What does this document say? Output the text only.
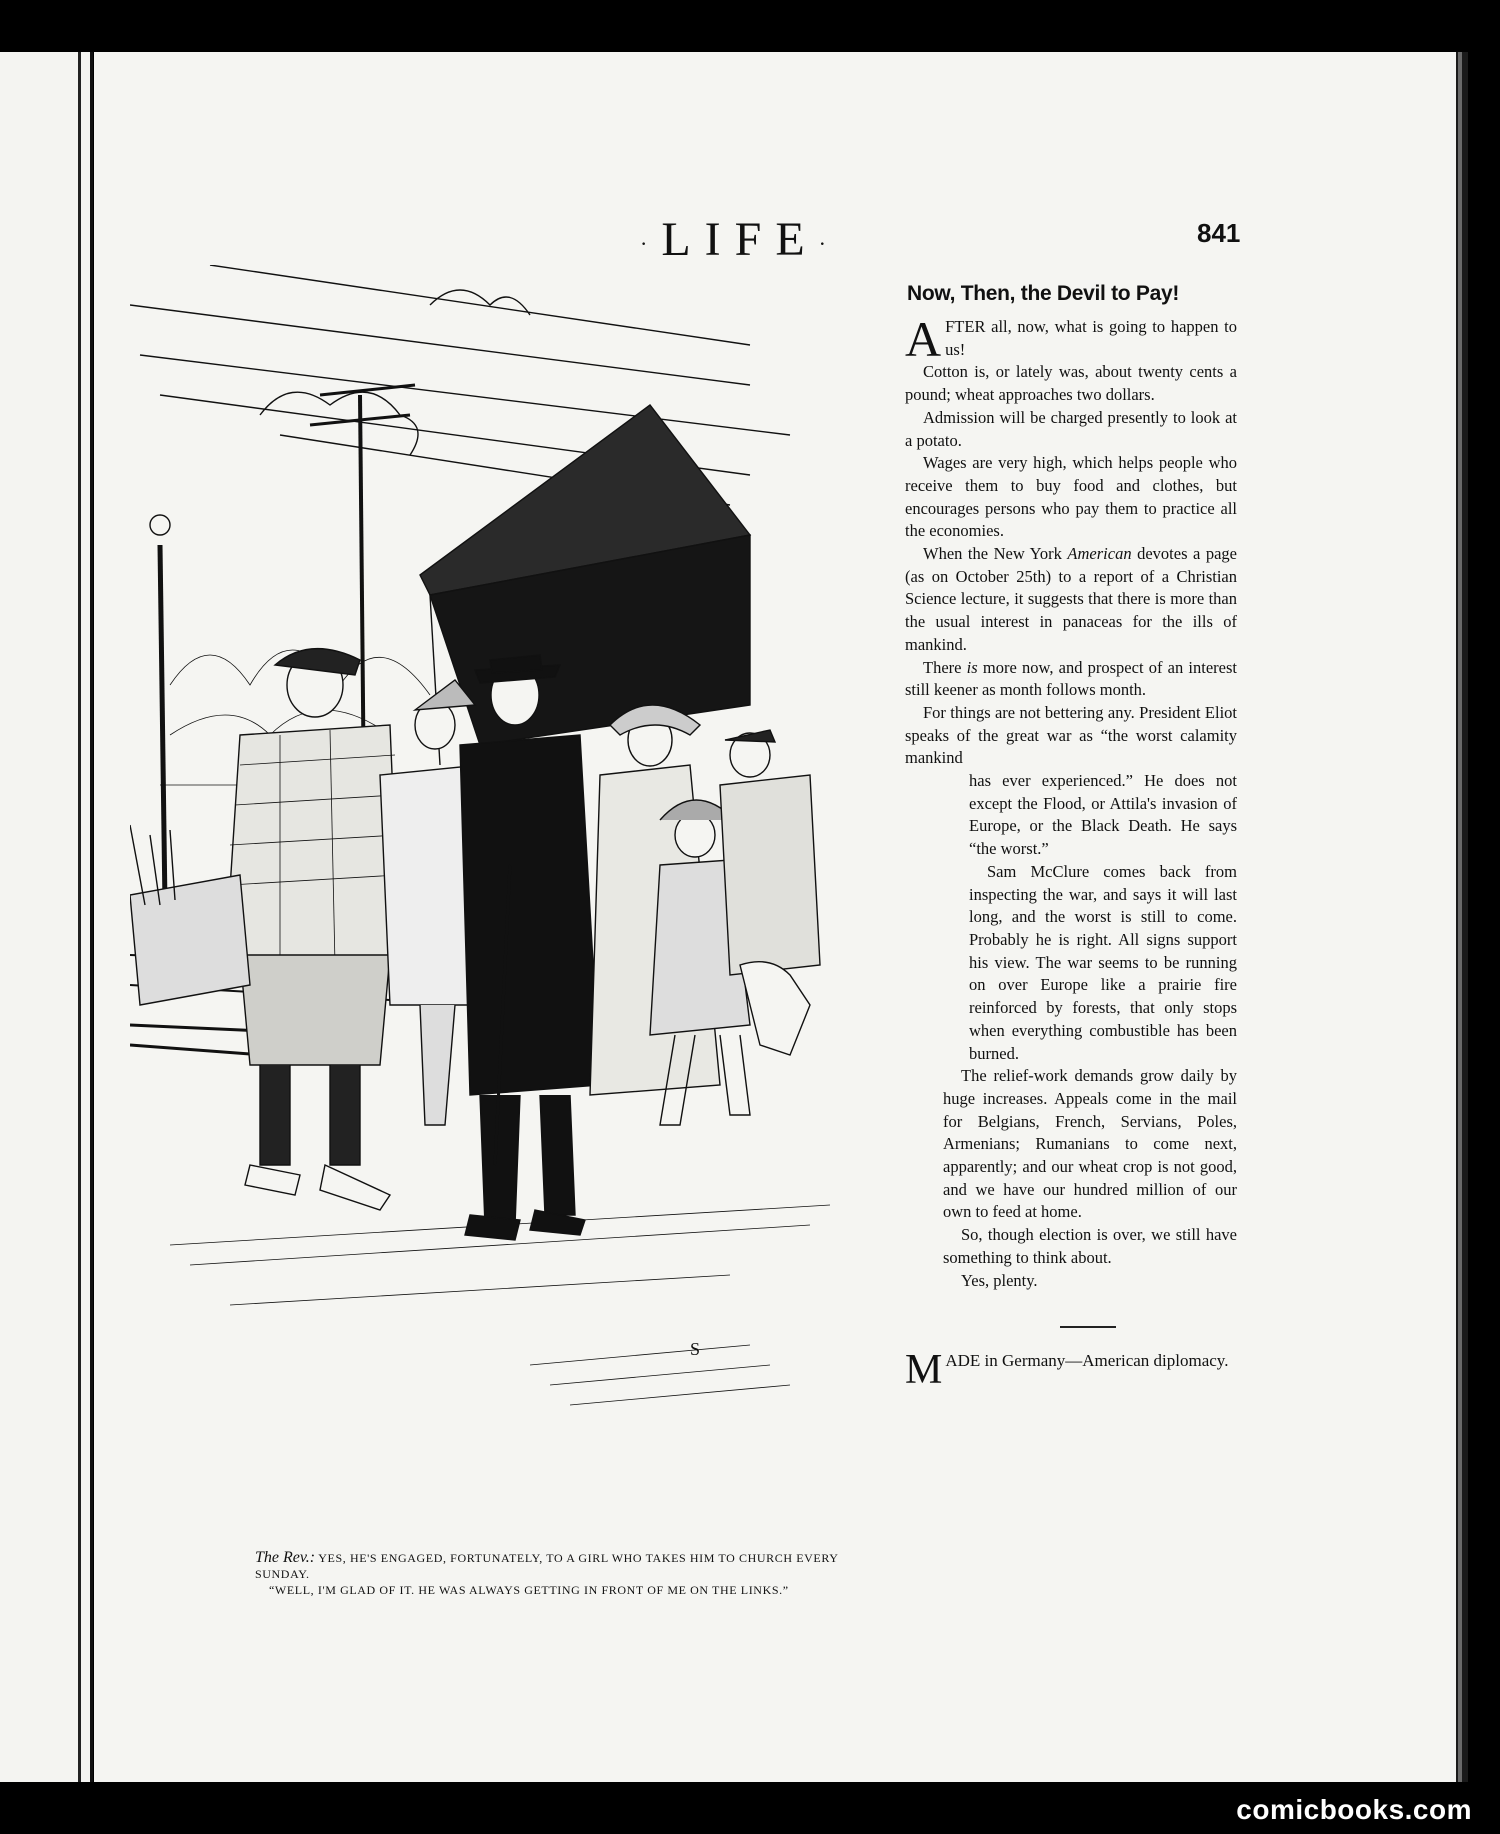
·LIFE·	841
S

The Rev.: YES, HE'S ENGAGED, FORTUNATELY, TO A GIRL WHO TAKES HIM TO CHURCH EVERY SUNDAY.

“WELL, I'M GLAD OF IT. HE WAS ALWAYS GETTING IN FRONT OF ME ON THE LINKS.”

Now, Then, the Devil to Pay!

AFTER all, now, what is going to happen to us!

Cotton is, or lately was, about twenty cents a pound; wheat approaches two dollars.

Admission will be charged presently to look at a potato.

Wages are very high, which helps people who receive them to buy food and clothes, but encourages persons who pay them to practice all the economies.

When the New York American devotes a page (as on October 25th) to a report of a Christian Science lecture, it suggests that there is more than the usual interest in panaceas for the ills of mankind.

There is more now, and prospect of an interest still keener as month follows month.

For things are not bettering any. President Eliot speaks of the great war as “the worst calamity mankind

has ever experienced.” He does not except the Flood, or Attila's invasion of Europe, or the Black Death. He says “the worst.”

Sam McClure comes back from inspecting the war, and says it will last long, and the worst is still to come. Probably he is right. All signs support his view. The war seems to be running on over Europe like a prairie fire reinforced by forests, that only stops when everything combustible has been burned.

The relief-work demands grow daily by huge increases. Appeals come in the mail for Belgians, French, Servians, Poles, Armenians; Rumanians to come next, apparently; and our wheat crop is not good, and we have our hundred million of our own to feed at home.

So, though election is over, we still have something to think about.

Yes, plenty.

MADE in Germany—American diplomacy.
comicbooks.com
